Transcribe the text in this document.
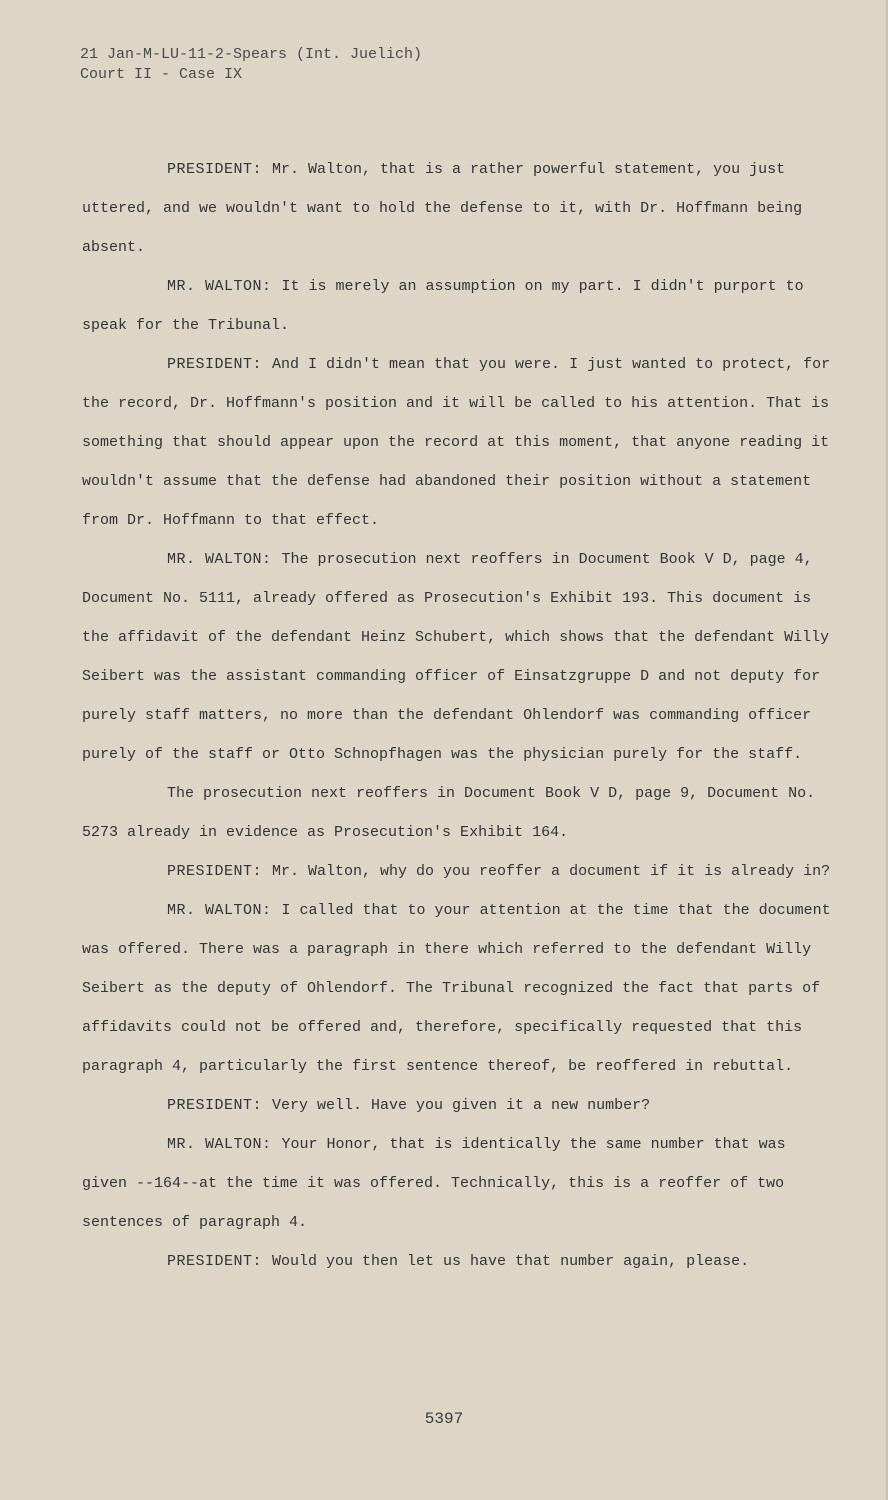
21 Jan-M-LU-11-2-Spears (Int. Juelich)
Court II - Case IX

PRESIDENT: Mr. Walton, that is a rather powerful statement, you just uttered, and we wouldn't want to hold the defense to it, with Dr. Hoffmann being absent.

MR. WALTON: It is merely an assumption on my part. I didn't purport to speak for the Tribunal.

PRESIDENT: And I didn't mean that you were. I just wanted to protect, for the record, Dr. Hoffmann's position and it will be called to his attention. That is something that should appear upon the record at this moment, that anyone reading it wouldn't assume that the defense had abandoned their position without a statement from Dr. Hoffmann to that effect.

MR. WALTON: The prosecution next reoffers in Document Book V D, page 4, Document No. 5111, already offered as Prosecution's Exhibit 193. This document is the affidavit of the defendant Heinz Schubert, which shows that the defendant Willy Seibert was the assistant commanding officer of Einsatzgruppe D and not deputy for purely staff matters, no more than the defendant Ohlendorf was commanding officer purely of the staff or Otto Schnopfhagen was the physician purely for the staff.

The prosecution next reoffers in Document Book V D, page 9, Document No. 5273 already in evidence as Prosecution's Exhibit 164.

PRESIDENT: Mr. Walton, why do you reoffer a document if it is already in?

MR. WALTON: I called that to your attention at the time that the document was offered. There was a paragraph in there which referred to the defendant Willy Seibert as the deputy of Ohlendorf. The Tribunal recognized the fact that parts of affidavits could not be offered and, therefore, specifically requested that this paragraph 4, particularly the first sentence thereof, be reoffered in rebuttal.

PRESIDENT: Very well. Have you given it a new number?

MR. WALTON: Your Honor, that is identically the same number that was given --164--at the time it was offered. Technically, this is a reoffer of two sentences of paragraph 4.

PRESIDENT: Would you then let us have that number again, please.

5397
